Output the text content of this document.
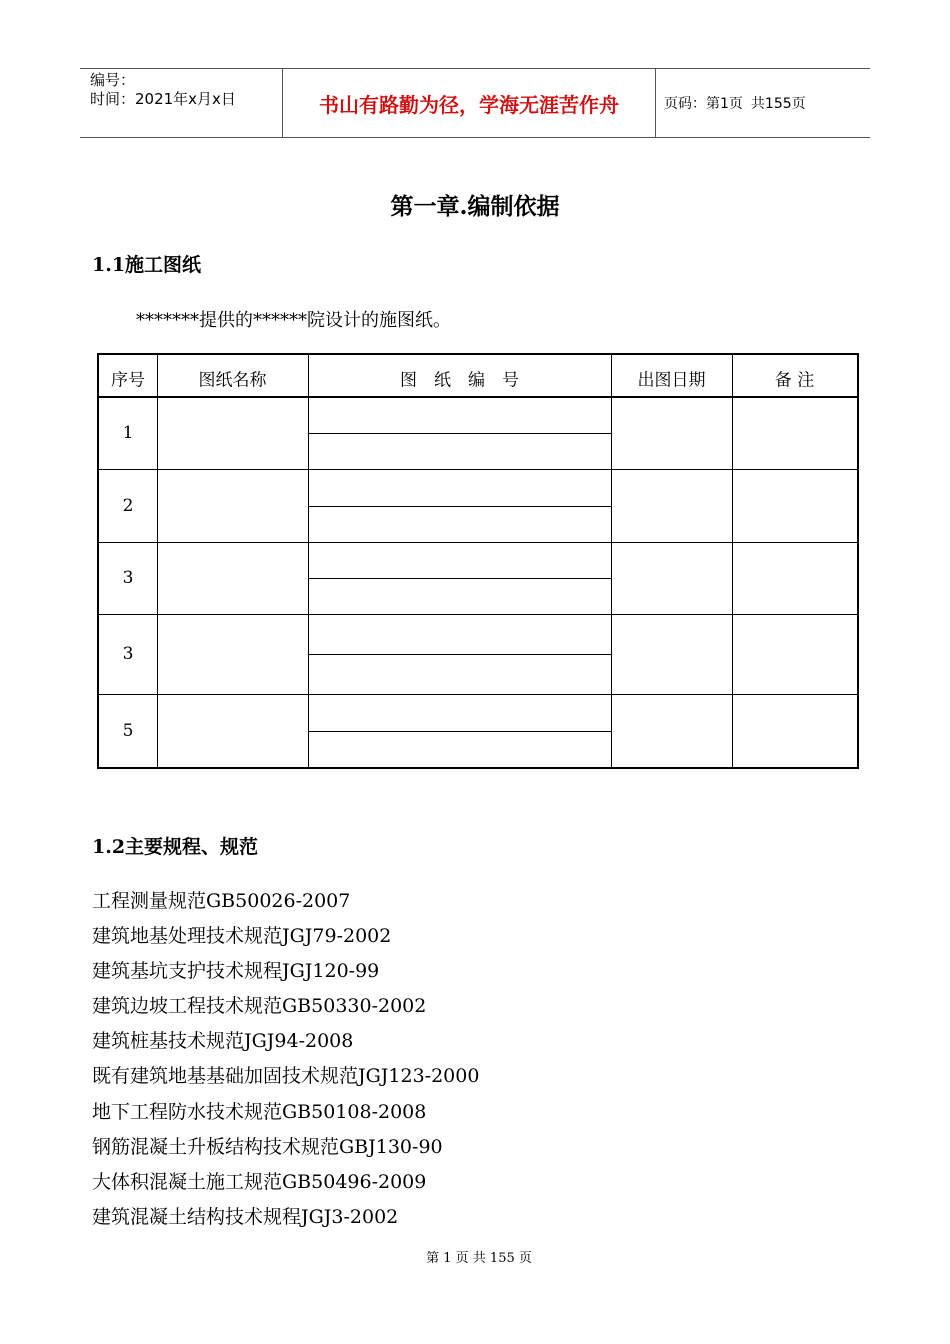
编号：
时间：2021年x月x日	书山有路勤为径，学海无涯苦作舟	页码：第1页 共155页
第一章.编制依据
1.1施工图纸
*******提供的******院设计的施图纸。
序号	图纸名称	图　纸　编　号	出图日期	备 注
1
2
3
3
5
1.2主要规程、规范
工程测量规范GB50026-2007
建筑地基处理技术规范JGJ79-2002
建筑基坑支护技术规程JGJ120-99
建筑边坡工程技术规范GB50330-2002
建筑桩基技术规范JGJ94-2008
既有建筑地基基础加固技术规范JGJ123-2000
地下工程防水技术规范GB50108-2008
钢筋混凝土升板结构技术规范GBJ130-90
大体积混凝土施工规范GB50496-2009
建筑混凝土结构技术规程JGJ3-2002
第 1 页 共 155 页
